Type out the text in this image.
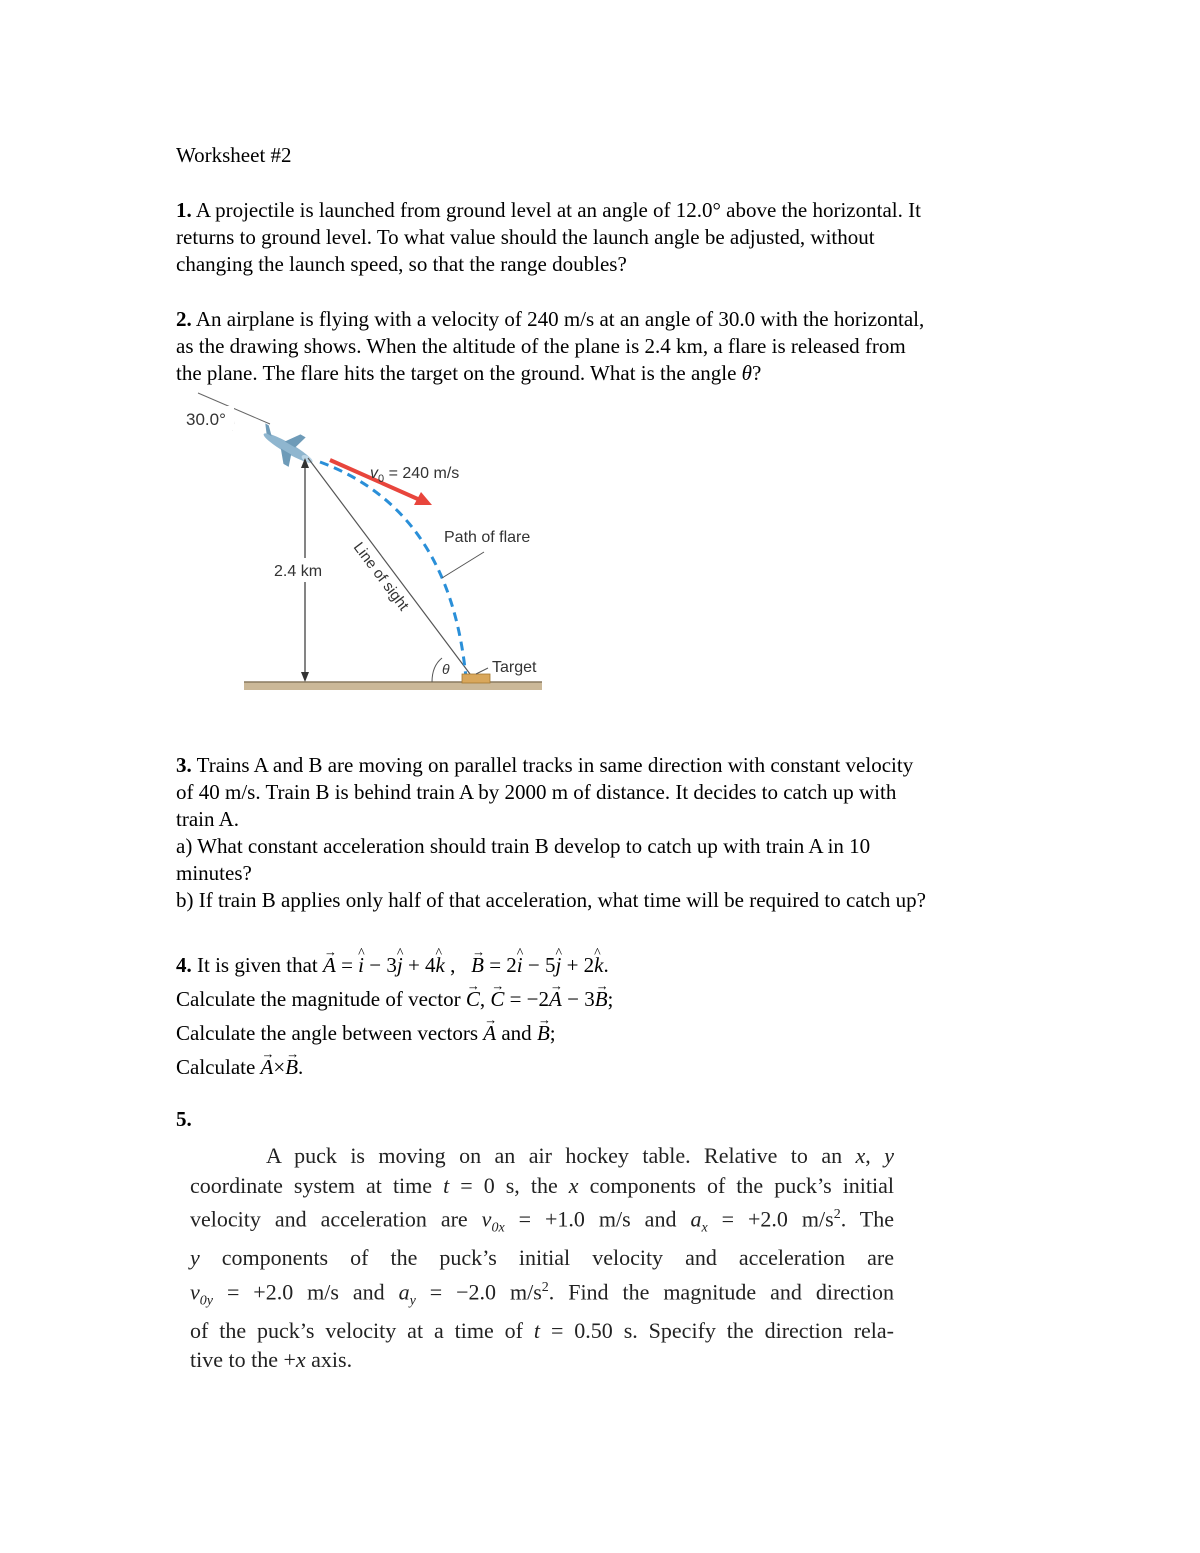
Worksheet #2
1. A projectile is launched from ground level at an angle of 12.0° above the horizontal. It
returns to ground level. To what value should the launch angle be adjusted, without
changing the launch speed, so that the range doubles?
2. An airplane is flying with a velocity of 240 m/s at an angle of 30.0 with the horizontal,
as the drawing shows. When the altitude of the plane is 2.4 km, a flare is released from
the plane. The flare hits the target on the ground. What is the angle θ?
30.0°
2.4 km Line of sight
Path of flare
$v_0 = 240$ m/s
θ	Target
3. Trains A and B are moving on parallel tracks in same direction with constant velocity
of 40 m/s. Train B is behind train A by 2000 m of distance. It decides to catch up with
train A.
a) What constant acceleration should train B develop to catch up with train A in 10
minutes?
b) If train B applies only half of that acceleration, what time will be required to catch up?
4. It is given that → A = ^ i − 3^ j + 4^ k , → B = 2^ i − 5^ j + 2^ k.
Calculate the magnitude of vector → C, → C = −2→ A − 3→ B;
Calculate the angle between vectors → A and → B;
Calculate → A×→ B.
5.
A puck is moving on an air hockey table. Relative to an x, y
coordinate system at time t = 0 s, the x components of the puck’s initial
velocity and acceleration are $v_{0x} = +1.0$ m/s and $a_x = +2.0$ $m/s^2$. The
y components of the puck’s initial velocity and acceleration are
$v_{0y} = +2.0$ m/s and $a_y = -2.0$ $m/s^2$. Find the magnitude and direction
of the puck’s velocity at a time of t = 0.50 s. Specify the direction rela-
tive to the +x axis.
